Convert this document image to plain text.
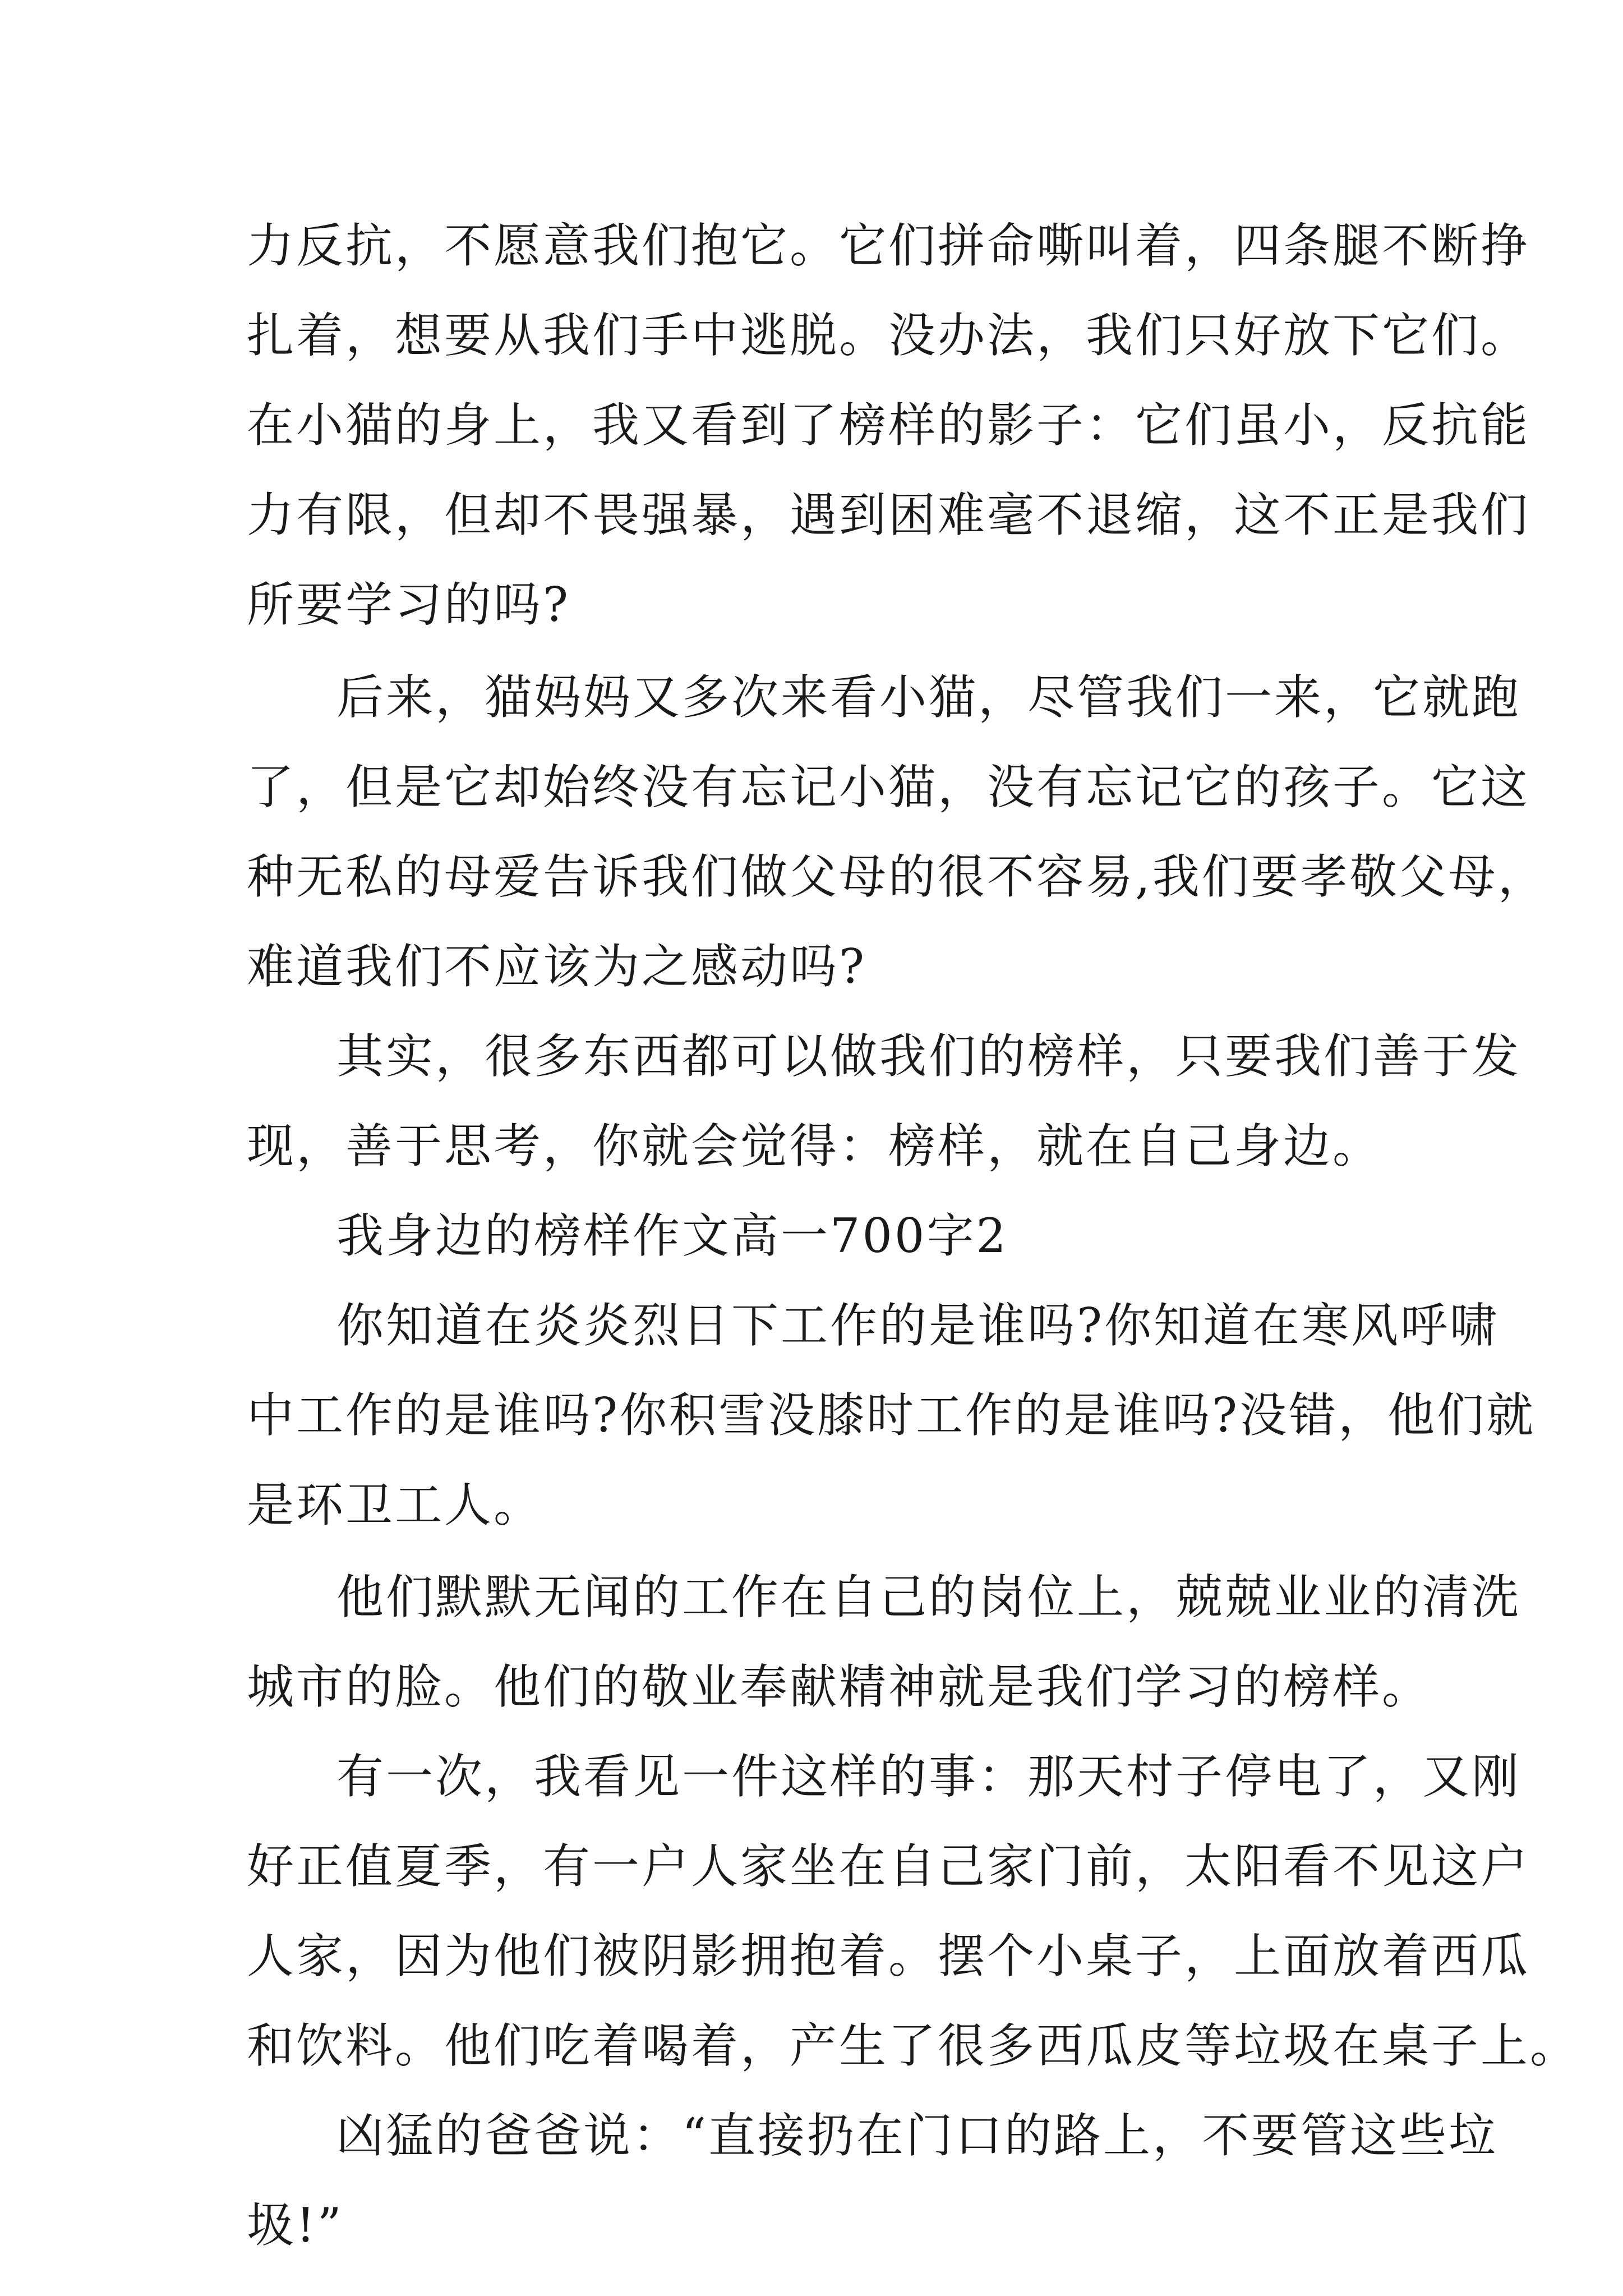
力反抗，不愿意我们抱它。它们拼命嘶叫着，四条腿不断挣
扎着，想要从我们手中逃脱。没办法，我们只好放下它们。
在小猫的身上，我又看到了榜样的影子：它们虽小，反抗能
力有限，但却不畏强暴，遇到困难毫不退缩，这不正是我们
所要学习的吗?
后来，猫妈妈又多次来看小猫，尽管我们一来，它就跑
了，但是它却始终没有忘记小猫，没有忘记它的孩子。它这
种无私的母爱告诉我们做父母的很不容易,我们要孝敬父母，
难道我们不应该为之感动吗?
其实，很多东西都可以做我们的榜样，只要我们善于发
现，善于思考，你就会觉得：榜样，就在自己身边。
我身边的榜样作文高一700字2
你知道在炎炎烈日下工作的是谁吗?你知道在寒风呼啸
中工作的是谁吗?你积雪没膝时工作的是谁吗?没错，他们就
是环卫工人。
他们默默无闻的工作在自己的岗位上，兢兢业业的清洗
城市的脸。他们的敬业奉献精神就是我们学习的榜样。
有一次，我看见一件这样的事：那天村子停电了，又刚
好正值夏季，有一户人家坐在自己家门前，太阳看不见这户
人家，因为他们被阴影拥抱着。摆个小桌子，上面放着西瓜
和饮料。他们吃着喝着，产生了很多西瓜皮等垃圾在桌子上。
凶猛的爸爸说：“直接扔在门口的路上，不要管这些垃
圾!”
